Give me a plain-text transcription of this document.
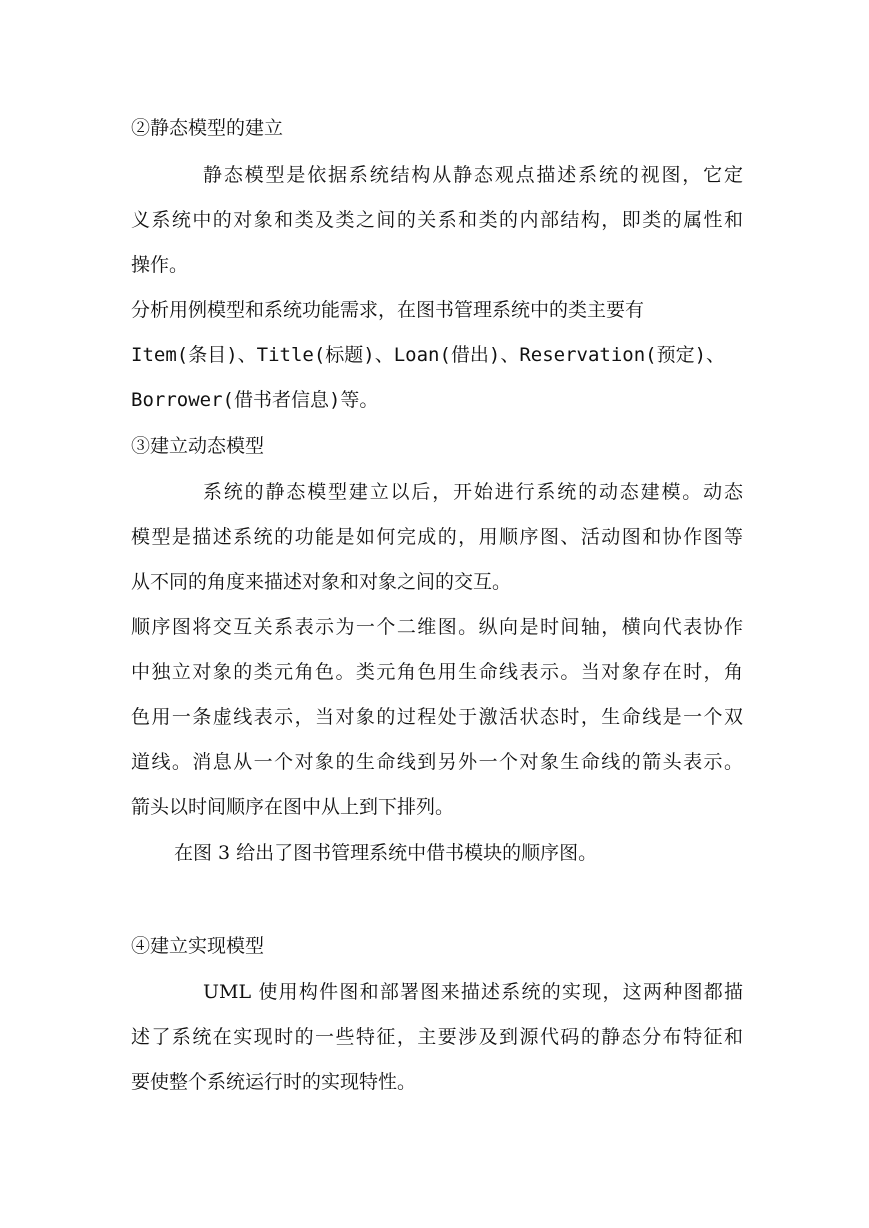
②静态模型的建立
静态模型是依据系统结构从静态观点描述系统的视图，它定
义系统中的对象和类及类之间的关系和类的内部结构，即类的属性和
操作。
分析用例模型和系统功能需求，在图书管理系统中的类主要有
Item(条目)、Title(标题)、Loan(借出)、Reservation(预定)、
Borrower(借书者信息)等。
③建立动态模型
系统的静态模型建立以后，开始进行系统的动态建模。动态
模型是描述系统的功能是如何完成的，用顺序图、活动图和协作图等
从不同的角度来描述对象和对象之间的交互。
顺序图将交互关系表示为一个二维图。纵向是时间轴，横向代表协作
中独立对象的类元角色。类元角色用生命线表示。当对象存在时，角
色用一条虚线表示，当对象的过程处于激活状态时，生命线是一个双
道线。消息从一个对象的生命线到另外一个对象生命线的箭头表示。
箭头以时间顺序在图中从上到下排列。
在图 3 给出了图书管理系统中借书模块的顺序图。
④建立实现模型
UML 使用构件图和部署图来描述系统的实现，这两种图都描
述了系统在实现时的一些特征，主要涉及到源代码的静态分布特征和
要使整个系统运行时的实现特性。
